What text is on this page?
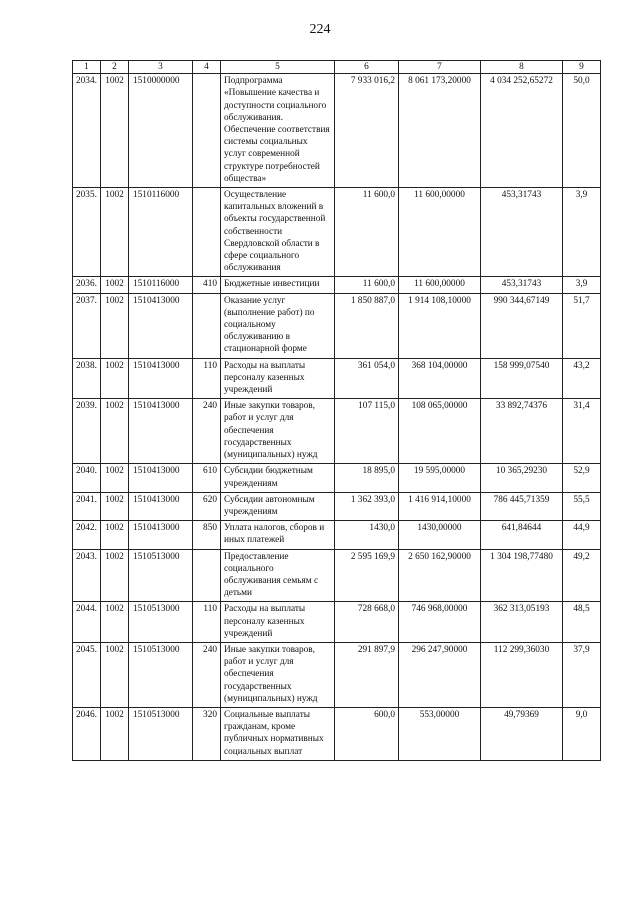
224
1	2	3	4	5	6	7	8	9
2034.	1002	1510000000		Подпрограмма «Повышение качества и доступности социального обслуживания. Обеспечение соответствия системы социальных услуг современной структуре потребностей общества»	7 933 016,2	8 061 173,20000	4 034 252,65272	50,0
2035.	1002	1510116000		Осуществление капитальных вложений в объекты государственной собственности Свердловской области в сфере социального обслуживания	11 600,0	11 600,00000	453,31743	3,9
2036.	1002	1510116000	410	Бюджетные инвестиции	11 600,0	11 600,00000	453,31743	3,9
2037.	1002	1510413000		Оказание услуг (выполнение работ) по социальному обслуживанию в стационарной форме	1 850 887,0	1 914 108,10000	990 344,67149	51,7
2038.	1002	1510413000	110	Расходы на выплаты персоналу казенных учреждений	361 054,0	368 104,00000	158 999,07540	43,2
2039.	1002	1510413000	240	Иные закупки товаров, работ и услуг для обеспечения государственных (муниципальных) нужд	107 115,0	108 065,00000	33 892,74376	31,4
2040.	1002	1510413000	610	Субсидии бюджетным учреждениям	18 895,0	19 595,00000	10 365,29230	52,9
2041.	1002	1510413000	620	Субсидии автономным учреждениям	1 362 393,0	1 416 914,10000	786 445,71359	55,5
2042.	1002	1510413000	850	Уплата налогов, сборов и иных платежей	1430,0	1430,00000	641,84644	44,9
2043.	1002	1510513000		Предоставление социального обслуживания семьям с детьми	2 595 169,9	2 650 162,90000	1 304 198,77480	49,2
2044.	1002	1510513000	110	Расходы на выплаты персоналу казенных учреждений	728 668,0	746 968,00000	362 313,05193	48,5
2045.	1002	1510513000	240	Иные закупки товаров, работ и услуг для обеспечения государственных (муниципальных) нужд	291 897,9	296 247,90000	112 299,36030	37,9
2046.	1002	1510513000	320	Социальные выплаты гражданам, кроме публичных нормативных социальных выплат	600,0	553,00000	49,79369	9,0
